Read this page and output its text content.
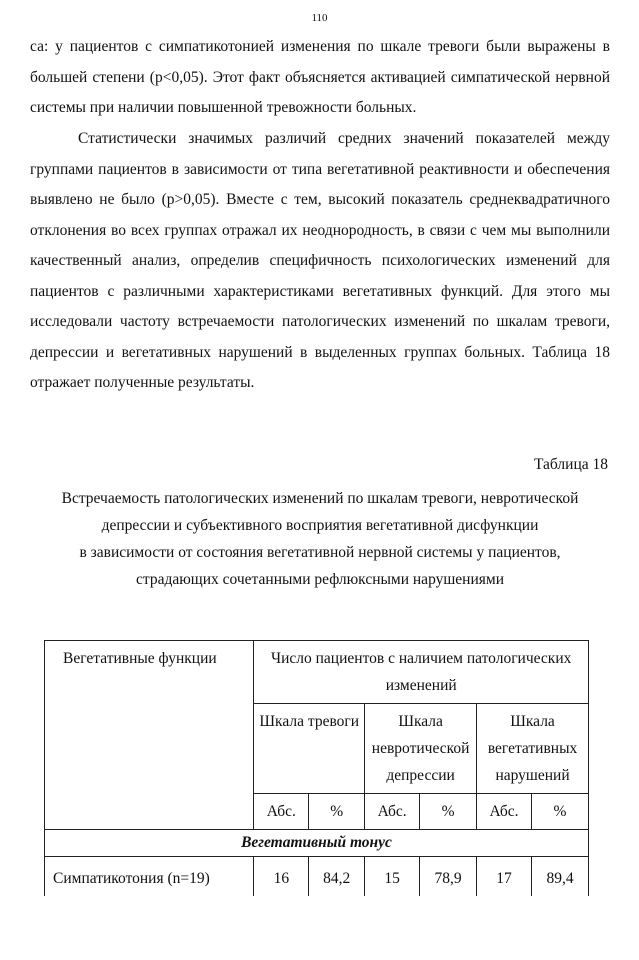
110

са: у пациентов с симпатикотонией изменения по шкале тревоги были выражены в большей степени (р<0,05). Этот факт объясняется активацией симпатической нервной системы при наличии повышенной тревожности больных.

Статистически значимых различий средних значений показателей между группами пациентов в зависимости от типа вегетативной реактивности и обеспечения выявлено не было (р>0,05). Вместе с тем, высокий показатель среднеквадратичного отклонения во всех группах отражал их неоднородность, в связи с чем мы выполнили качественный анализ, определив специфичность психологических изменений для пациентов с различными характеристиками вегетативных функций. Для этого мы исследовали частоту встречаемости патологических изменений по шкалам тревоги, депрессии и вегетативных нарушений в выделенных группах больных. Таблица 18 отражает полученные результаты.

Таблица 18
Встречаемость патологических изменений по шкалам тревоги, невротической
депрессии и субъективного восприятия вегетативной дисфункции
в зависимости от состояния вегетативной нервной системы у пациентов,
страдающих сочетанными рефлюксными нарушениями
Вегетативные функции	Число пациентов с наличием патологических изменений					
	Шкала тревоги		Шкала невротической депрессии		Шкала вегетативных нарушений	
	Абс.	%	Абс.	%	Абс.	%
Вегетативный тонус						
Симпатикотония (n=19)	16	84,2	15	78,9	17	89,4
